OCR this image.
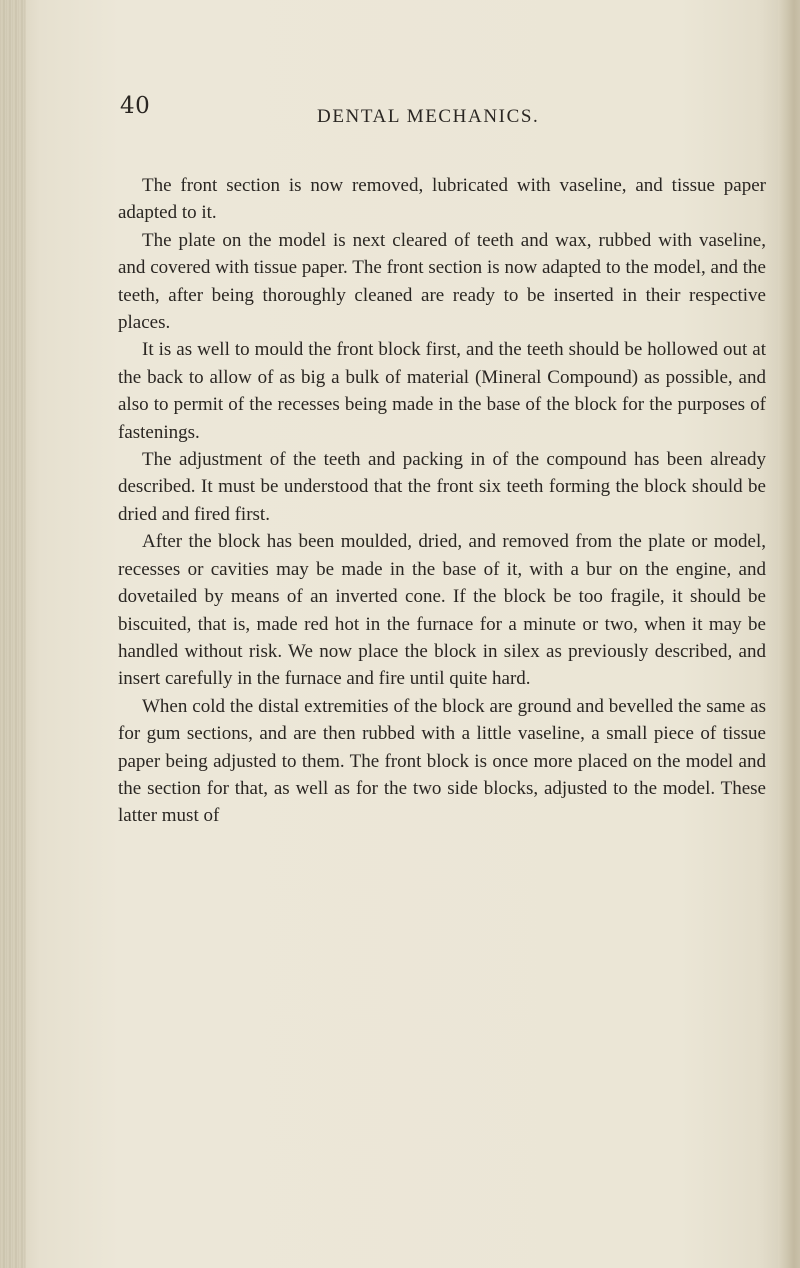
40	DENTAL MECHANICS.

The front section is now removed, lubricated with vaseline, and tissue paper adapted to it.

The plate on the model is next cleared of teeth and wax, rubbed with vaseline, and covered with tissue paper. The front section is now adapted to the model, and the teeth, after being thoroughly cleaned are ready to be inserted in their respective places.

It is as well to mould the front block first, and the teeth should be hollowed out at the back to allow of as big a bulk of material (Mineral Compound) as possible, and also to permit of the recesses being made in the base of the block for the purposes of fastenings.

The adjustment of the teeth and packing in of the compound has been already described. It must be understood that the front six teeth forming the block should be dried and fired first.

After the block has been moulded, dried, and removed from the plate or model, recesses or cavities may be made in the base of it, with a bur on the engine, and dovetailed by means of an inverted cone. If the block be too fragile, it should be biscuited, that is, made red hot in the furnace for a minute or two, when it may be handled without risk. We now place the block in silex as previously described, and insert carefully in the furnace and fire until quite hard.

When cold the distal extremities of the block are ground and bevelled the same as for gum sections, and are then rubbed with a little vaseline, a small piece of tissue paper being adjusted to them. The front block is once more placed on the model and the section for that, as well as for the two side blocks, adjusted to the model. These latter must of
